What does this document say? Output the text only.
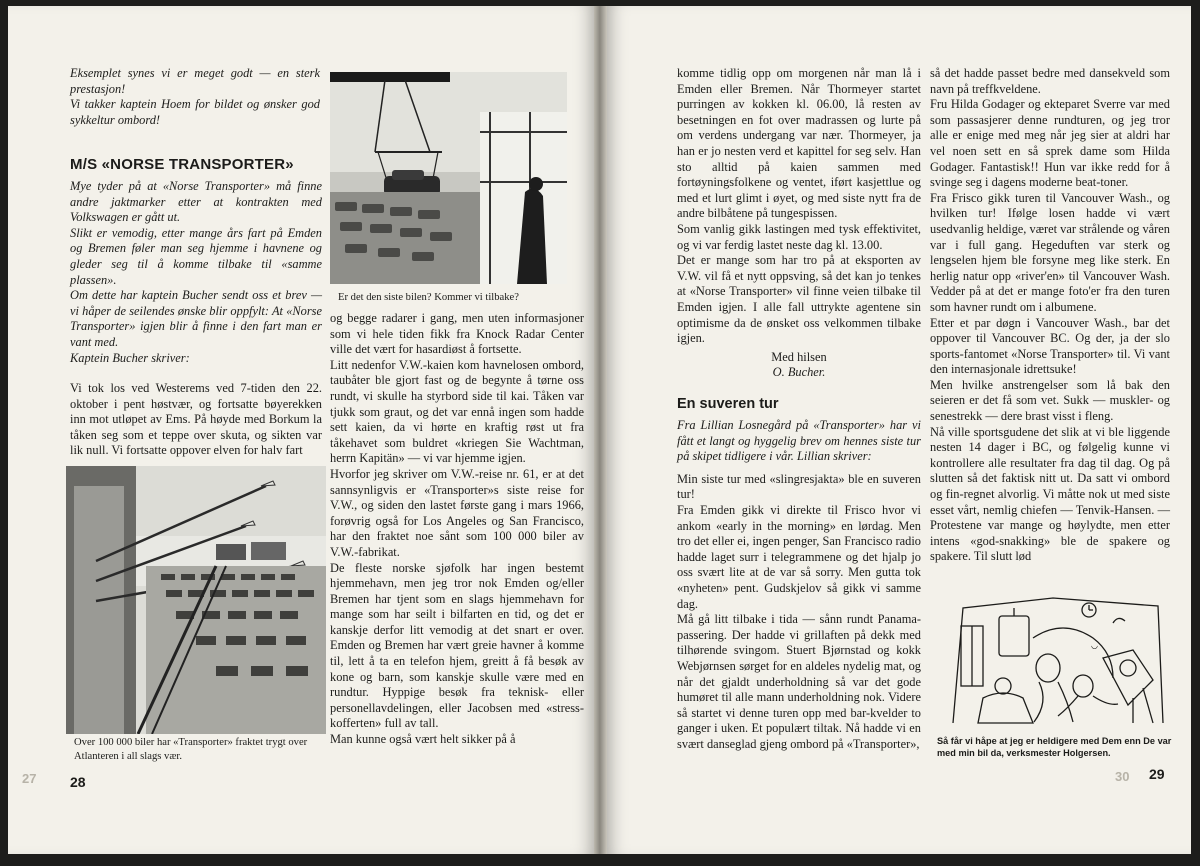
Eksemplet synes vi er meget godt — en sterk prestasjon!

Vi takker kaptein Hoem for bildet og ønsker god sykkeltur ombord!

M/S «NORSE TRANSPORTER»

Mye tyder på at «Norse Transporter» må finne andre jaktmarker etter at kontrakten med Volkswagen er gått ut.

Slikt er vemodig, etter mange års fart på Emden og Bremen føler man seg hjemme i havnene og gleder seg til å komme tilbake til «samme plassen».

Om dette har kaptein Bucher sendt oss et brev — vi håper de seilendes ønske blir oppfylt: At «Norse Transporter» igjen blir å finne i den fart man er vant med.

Kaptein Bucher skriver:

Vi tok los ved Westerems ved 7-tiden den 22. oktober i pent høstvær, og fortsatte bøyerekken inn mot utløpet av Ems. På høyde med Borkum la tåken seg som et teppe over skuta, og sikten var lik null. Vi fortsatte oppover elven for halv fart

Er det den siste bilen? Kommer vi tilbake?
Over 100 000 biler har «Transporter» fraktet trygt over Atlanteren i all slags vær.

og begge radarer i gang, men uten informasjoner som vi hele tiden fikk fra Knock Radar Center ville det vært for hasardiøst å fortsette.

Litt nedenfor V.W.-kaien kom havnelosen ombord, taubåter ble gjort fast og de begynte å tørne oss rundt, vi skulle ha styrbord side til kai. Tåken var tjukk som graut, og det var ennå ingen som hadde sett kaien, da vi hørte en kraftig røst ut fra tåkehavet som buldret «kriegen Sie Wachtman, herrn Kapitän» — vi var hjemme igjen.

Hvorfor jeg skriver om V.W.-reise nr. 61, er at det sannsynligvis er «Transporter»s siste reise for V.W., og siden den lastet første gang i mars 1966, forøvrig også for Los Angeles og San Francisco, har den fraktet noe sånt som 100 000 biler av V.W.-fabrikat.

De fleste norske sjøfolk har ingen bestemt hjemmehavn, men jeg tror nok Emden og/eller Bremen har tjent som en slags hjemmehavn for mange som har seilt i bilfarten en tid, og det er kanskje derfor litt vemodig at det snart er over. Emden og Bremen har vært greie havner å komme til, lett å ta en telefon hjem, greitt å få besøk av kone og barn, som kanskje skulle være med en rundtur. Hyppige besøk fra teknisk- eller personellavdelingen, eller Jacobsen med «stress-kofferten» full av tall.

Man kunne også vært helt sikker på å

27 28

komme tidlig opp om morgenen når man lå i Emden eller Bremen. Når Thormeyer startet purringen av kokken kl. 06.00, lå resten av besetningen en fot over madrassen og lurte på om verdens undergang var nær. Thormeyer, ja han er jo nesten verd et kapittel for seg selv. Han sto alltid på kaien sammen med fortøyningsfolkene og ventet, iført kasjettlue og med et lurt glimt i øyet, og med siste nytt fra de andre bilbåtene på tungespissen.

Som vanlig gikk lastingen med tysk effektivitet, og vi var ferdig lastet neste dag kl. 13.00.

Det er mange som har tro på at eksporten av V.W. vil få et nytt oppsving, så det kan jo tenkes at «Norse Transporter» vil finne veien tilbake til Emden igjen. I alle fall uttrykte agentene sin optimisme da de ønsket oss velkommen tilbake igjen.

Med hilsen

O. Bucher.

En suveren tur

Fra Lillian Losnegård på «Transporter» har vi fått et langt og hyggelig brev om hennes siste tur på skipet tidligere i vår. Lillian skriver:

Min siste tur med «slingresjakta» ble en suveren tur!

Fra Emden gikk vi direkte til Frisco hvor vi ankom «early in the morning» en lørdag. Men tro det eller ei, ingen penger, San Francisco radio hadde laget surr i telegrammene og det hjalp jo oss svært lite at de var så sorry. Men gutta tok «nyheten» pent. Gudskjelov så gikk vi samme dag.

Må gå litt tilbake i tida — sånn rundt Panama-passering. Der hadde vi grillaften på dekk med tilhørende svingom. Stuert Bjørnstad og kokk Webjørnsen sørget for en aldeles nydelig mat, og når det gjaldt underholdning så var det gode humøret til alle mann underholdning nok. Videre så startet vi denne turen opp med bar-kvelder to ganger i uken. Et populært tiltak. Nå hadde vi en svært danseglad gjeng ombord på «Transporter»,

så det hadde passet bedre med dansekveld som navn på treffkveldene.

Fru Hilda Godager og ekteparet Sverre var med som passasjerer denne rundturen, og jeg tror alle er enige med meg når jeg sier at aldri har vel noen sett en så sprek dame som Hilda Godager. Fantastisk!! Hun var ikke redd for å svinge seg i dagens moderne beat-toner.

Fra Frisco gikk turen til Vancouver Wash., og hvilken tur! Ifølge losen hadde vi vært usedvanlig heldige, været var strålende og våren var i full gang. Hegeduften var sterk og lengselen hjem ble forsyne meg like sterk. En herlig natur opp «river'en» til Vancouver Wash. Vedder på at det er mange foto'er fra den turen som havner rundt om i albumene.

Etter et par døgn i Vancouver Wash., bar det oppover til Vancouver BC. Og der, ja der slo sports-fantomet «Norse Transporter» til. Vi vant den internasjonale idrettsuke!

Men hvilke anstrengelser som lå bak den seieren er det få som vet. Sukk — muskler- og senestrekk — dere brast visst i fleng.

Nå ville sportsgudene det slik at vi ble liggende nesten 14 dager i BC, og følgelig kunne vi kontrollere alle resultater fra dag til dag. Og på slutten så det faktisk nitt ut. Da satt vi ombord og fin-regnet alvorlig. Vi måtte nok ut med siste esset vårt, nemlig chiefen — Tenvik-Hansen. — Protestene var mange og høylydte, men etter intens «god-snakking» ble de spakere og spakere. Til slutt lød

◡
Så får vi håpe at jeg er heldigere med Dem enn De var med min bil da, verksmester Holgersen.
30 29
